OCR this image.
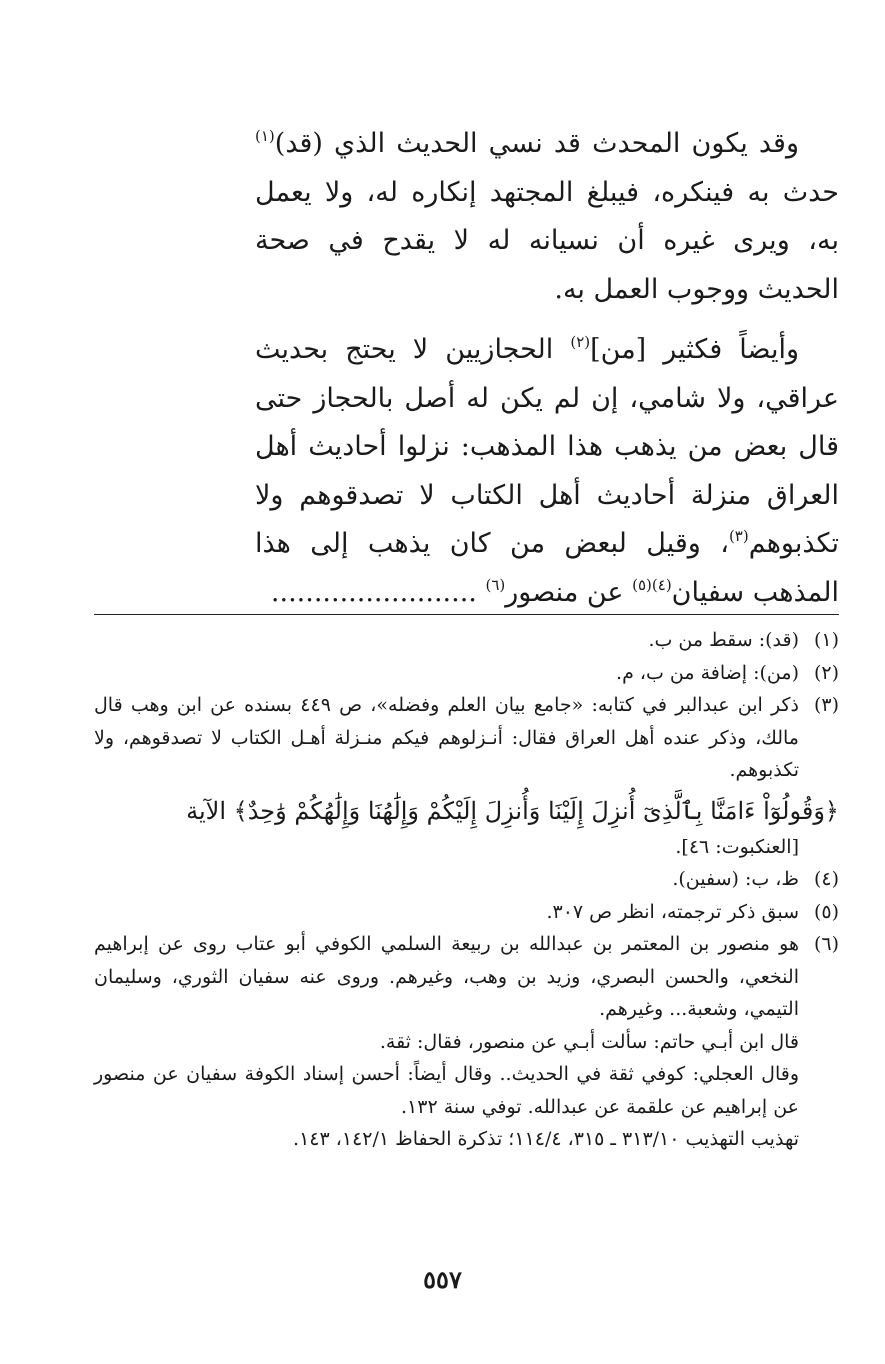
وقد يكون المحدث قد نسي الحديث الذي (قد)$^{(١)}$ حدث به فينكره، فيبلغ المجتهد إنكاره له، ولا يعمل به، ويرى غيره أن نسيانه له لا يقدح في صحة الحديث ووجوب العمل به.

وأيضاً فكثير [من]$^{(٢)}$ الحجازيين لا يحتج بحديث عراقي، ولا شامي، إن لم يكن له أصل بالحجاز حتى قال بعض من يذهب هذا المذهب: نزلوا أحاديث أهل العراق منزلة أحاديث أهل الكتاب لا تصدقوهم ولا تكذبوهم$^{(٣)}$، وقيل لبعض من كان يذهب إلى هذا المذهب سفيان$^{(٤)(٥)}$ عن منصور$^{(٦)}$ ........................

(١)
(قد): سقط من ب.
(٢)
(من): إضافة من ب، م.
(٣)
ذكر ابن عبدالبر في كتابه: «جامع بيان العلم وفضله»، ص ٤٤٩ بسنده عن ابن وهب قال مالك، وذكر عنده أهل العراق فقال: أنـزلوهم فيكم منـزلة أهـل الكتاب لا تصدقوهم، ولا تكذبوهم.
﴿وَقُولُوٓاْ ءَامَنَّا بِٱلَّذِىٓ أُنزِلَ إِلَيْنَا وَأُنزِلَ إِلَيْكُمْ وَإِلَٰهُنَا وَإِلَٰهُكُمْ وَٰحِدٌ﴾ الآية
[العنكبوت: ٤٦].
(٤)
ظ، ب: (سفين).
(٥)
سبق ذكر ترجمته، انظر ص ٣٠٧.
(٦)
هو منصور بن المعتمر بن عبدالله بن ربيعة السلمي الكوفي أبو عتاب روى عن إبراهيم النخعي، والحسن البصري، وزيد بن وهب، وغيرهم. وروى عنه سفيان الثوري، وسليمان التيمي، وشعبة... وغيرهم.
قال ابن أبـي حاتم: سألت أبـي عن منصور، فقال: ثقة.
وقال العجلي: كوفي ثقة في الحديث.. وقال أيضاً: أحسن إسناد الكوفة سفيان عن منصور عن إبراهيم عن علقمة عن عبدالله. توفي سنة ١٣٢.
تهذيب التهذيب ٣١٣/١٠ ـ ٣١٥، ١١٤/٤؛ تذكرة الحفاظ ١٤٢/١، ١٤٣.
٥٥٧
